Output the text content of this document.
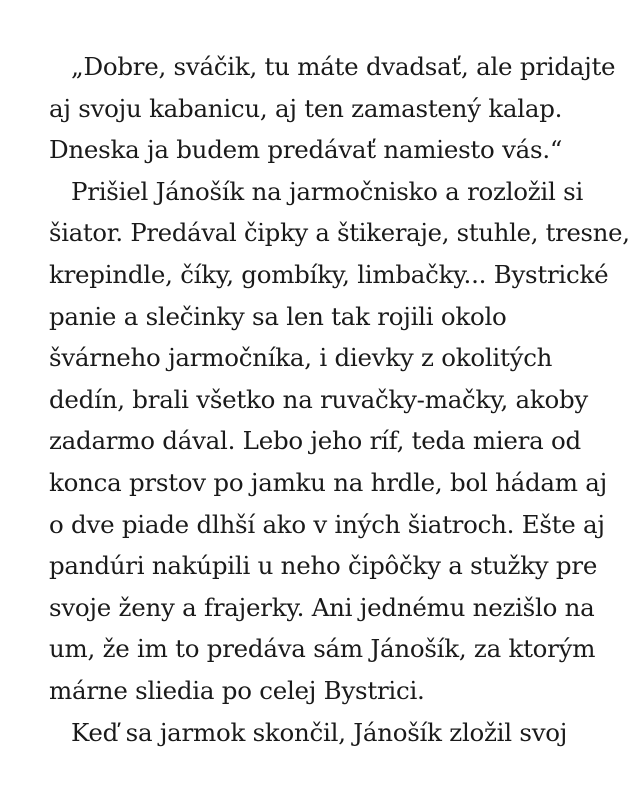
„Dobre, sváčik, tu máte dvadsať, ale pridajte
aj svoju kabanicu, aj ten zamastený kalap.
Dneska ja budem predávať namiesto vás.“
Prišiel Jánošík na jarmočnisko a rozložil si
šiator. Predával čipky a štikeraje, stuhle, tresne,
krepindle, číky, gombíky, limbačky... Bystrické
panie a slečinky sa len tak rojili okolo
švárneho jarmočníka, i dievky z okolitých
dedín, brali všetko na ruvačky-mačky, akoby
zadarmo dával. Lebo jeho ríf, teda miera od
konca prstov po jamku na hrdle, bol hádam aj
o dve piade dlhší ako v iných šiatroch. Ešte aj
pandúri nakúpili u neho čipôčky a stužky pre
svoje ženy a frajerky. Ani jednému nezišlo na
um, že im to predáva sám Jánošík, za ktorým
márne sliedia po celej Bystrici.
Keď sa jarmok skončil, Jánošík zložil svoj
